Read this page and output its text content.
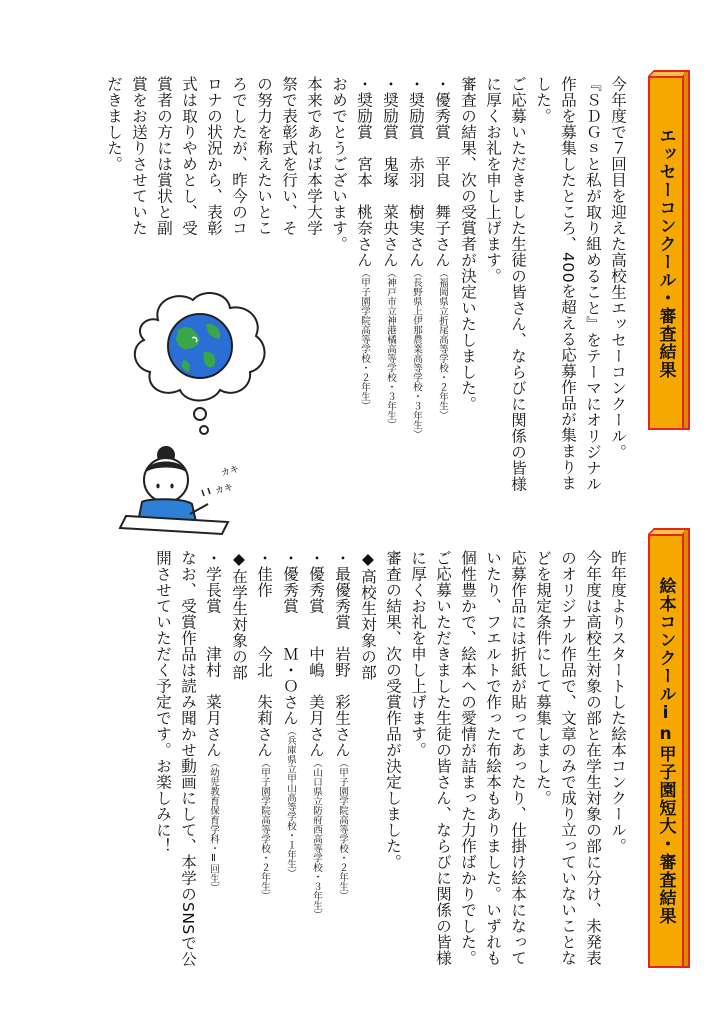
エッセーコンクール・審査結果

今年度で７回目を迎えた高校生エッセーコンクール。

『ＳＤＧｓと私が取り組めること』をテーマにオリジナル作品を募集したところ、400を超える応募作品が集まりました。

ご応募いただきました生徒の皆さん、ならびに関係の皆様に厚くお礼を申し上げます。

審査の結果、次の受賞者が決定いたしました。

・優秀賞　平良　舞子さん（福岡県立折尾高等学校・２年生）

・奨励賞　赤羽　樹実さん（長野県上伊那農業高等学校・３年生）

・奨励賞　鬼塚　菜央さん（神戸市立神港橘高等学校・３年生）

・奨励賞　宮本　桃奈さん（甲子園学院高等学校・２年生）

おめでとうございます。

本来であれば本学大学祭で表彰式を行い、その努力を称えたいところでしたが、昨今のコロナの状況から、表彰式は取りやめとし、受賞者の方には賞状と副賞をお送りさせていただきました。

カキ
カキ
絵本コンクールin甲子園短大・審査結果

昨年度よりスタートした絵本コンクール。

今年度は高校生対象の部と在学生対象の部に分け、未発表のオリジナル作品で、文章のみで成り立っていないことなどを規定条件にして募集しました。

応募作品には折紙が貼ってあったり、仕掛け絵本になっていたり、フエルトで作った布絵本もありました。いずれも個性豊かで、絵本への愛情が詰まった力作ばかりでした。

ご応募いただきました生徒の皆さん、ならびに関係の皆様に厚くお礼を申し上げます。

審査の結果、次の受賞作品が決定しました。

◆高校生対象の部

・最優秀賞　岩野　彩生さん（甲子園学院高等学校・２年生）

・優秀賞　　中嶋　美月さん（山口県立防府西高等学校・３年生）

・優秀賞　　Ｍ・Ｏさん（兵庫県立甲山高等学校・１年生）

・佳作　　　今北　朱莉さん（甲子園学院高等学校・２年生）

◆在学生対象の部

・学長賞　　津村　菜月さん（幼児教育保育学科・Ⅱ回生）

なお、受賞作品は読み聞かせ動画にして、本学のSNSで公開させていただく予定です。お楽しみに！
